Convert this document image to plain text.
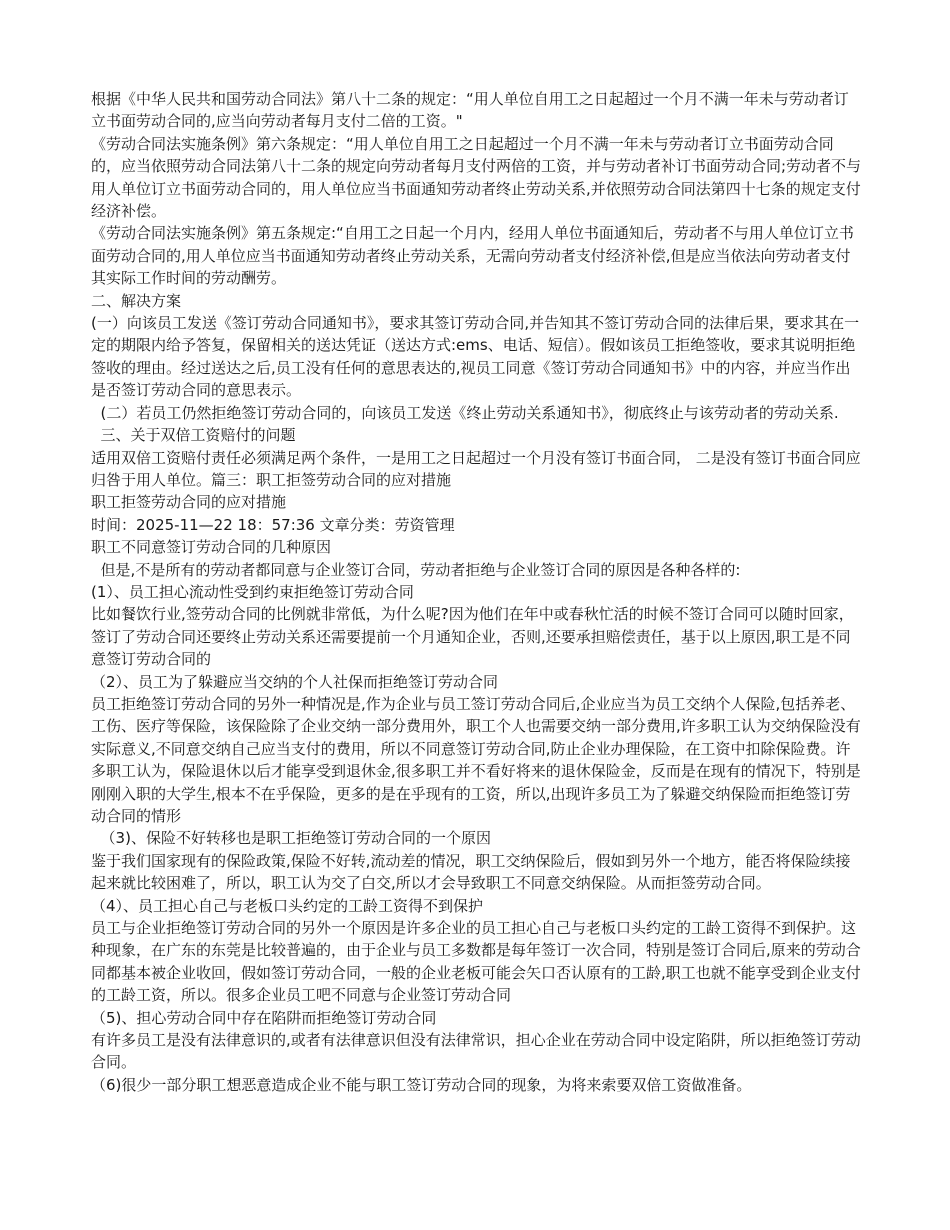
根据《中华人民共和国劳动合同法》第八十二条的规定：“用人单位自用工之日起超过一个月不满一年未与劳动者订立书面劳动合同的,应当向劳动者每月支付二倍的工资。"

《劳动合同法实施条例》第六条规定：“用人单位自用工之日起超过一个月不满一年未与劳动者订立书面劳动合同的，应当依照劳动合同法第八十二条的规定向劳动者每月支付两倍的工资，并与劳动者补订书面劳动合同;劳动者不与用人单位订立书面劳动合同的，用人单位应当书面通知劳动者终止劳动关系,并依照劳动合同法第四十七条的规定支付经济补偿。

《劳动合同法实施条例》第五条规定:“自用工之日起一个月内，经用人单位书面通知后，劳动者不与用人单位订立书面劳动合同的,用人单位应当书面通知劳动者终止劳动关系，无需向劳动者支付经济补偿,但是应当依法向劳动者支付其实际工作时间的劳动酬劳。

二、解决方案

(一）向该员工发送《签订劳动合同通知书》，要求其签订劳动合同,并告知其不签订劳动合同的法律后果，要求其在一定的期限内给予答复，保留相关的送达凭证（送达方式:ems、电话、短信）。假如该员工拒绝签收，要求其说明拒绝签收的理由。经过送达之后,员工没有任何的意思表达的,视员工同意《签订劳动合同通知书》中的内容，并应当作出是否签订劳动合同的意思表示。

(二）若员工仍然拒绝签订劳动合同的，向该员工发送《终止劳动关系通知书》，彻底终止与该劳动者的劳动关系.

三、关于双倍工资赔付的问题

适用双倍工资赔付责任必须满足两个条件，一是用工之日起超过一个月没有签订书面合同， 二是没有签订书面合同应归咎于用人单位。篇三：职工拒签劳动合同的应对措施

职工拒签劳动合同的应对措施

时间：2025-11—22 18：57:36 文章分类：劳资管理

职工不同意签订劳动合同的几种原因

但是,不是所有的劳动者都同意与企业签订合同，劳动者拒绝与企业签订合同的原因是各种各样的:

(1）、员工担心流动性受到约束拒绝签订劳动合同

比如餐饮行业,签劳动合同的比例就非常低，为什么呢?因为他们在年中或春秋忙活的时候不签订合同可以随时回家，签订了劳动合同还要终止劳动关系还需要提前一个月通知企业，否则,还要承担赔偿责任，基于以上原因,职工是不同意签订劳动合同的

（2）、员工为了躲避应当交纳的个人社保而拒绝签订劳动合同

员工拒绝签订劳动合同的另外一种情况是,作为企业与员工签订劳动合同后,企业应当为员工交纳个人保险,包括养老、工伤、医疗等保险，该保险除了企业交纳一部分费用外，职工个人也需要交纳一部分费用,许多职工认为交纳保险没有实际意义,不同意交纳自己应当支付的费用，所以不同意签订劳动合同,防止企业办理保险，在工资中扣除保险费。许多职工认为，保险退休以后才能享受到退休金,很多职工并不看好将来的退休保险金，反而是在现有的情况下，特别是刚刚入职的大学生,根本不在乎保险，更多的是在乎现有的工资，所以,出现许多员工为了躲避交纳保险而拒绝签订劳动合同的情形

（3)、保险不好转移也是职工拒绝签订劳动合同的一个原因

鉴于我们国家现有的保险政策,保险不好转,流动差的情况，职工交纳保险后，假如到另外一个地方，能否将保险续接起来就比较困难了，所以，职工认为交了白交,所以才会导致职工不同意交纳保险。从而拒签劳动合同。

（4）、员工担心自己与老板口头约定的工龄工资得不到保护

员工与企业拒绝签订劳动合同的另外一个原因是许多企业的员工担心自己与老板口头约定的工龄工资得不到保护。这种现象，在广东的东莞是比较普遍的，由于企业与员工多数都是每年签订一次合同，特别是签订合同后,原来的劳动合同都基本被企业收回，假如签订劳动合同，一般的企业老板可能会矢口否认原有的工龄,职工也就不能享受到企业支付的工龄工资，所以。很多企业员工吧不同意与企业签订劳动合同

（5)、担心劳动合同中存在陷阱而拒绝签订劳动合同

有许多员工是没有法律意识的,或者有法律意识但没有法律常识，担心企业在劳动合同中设定陷阱，所以拒绝签订劳动合同。

（6)很少一部分职工想恶意造成企业不能与职工签订劳动合同的现象，为将来索要双倍工资做准备。
